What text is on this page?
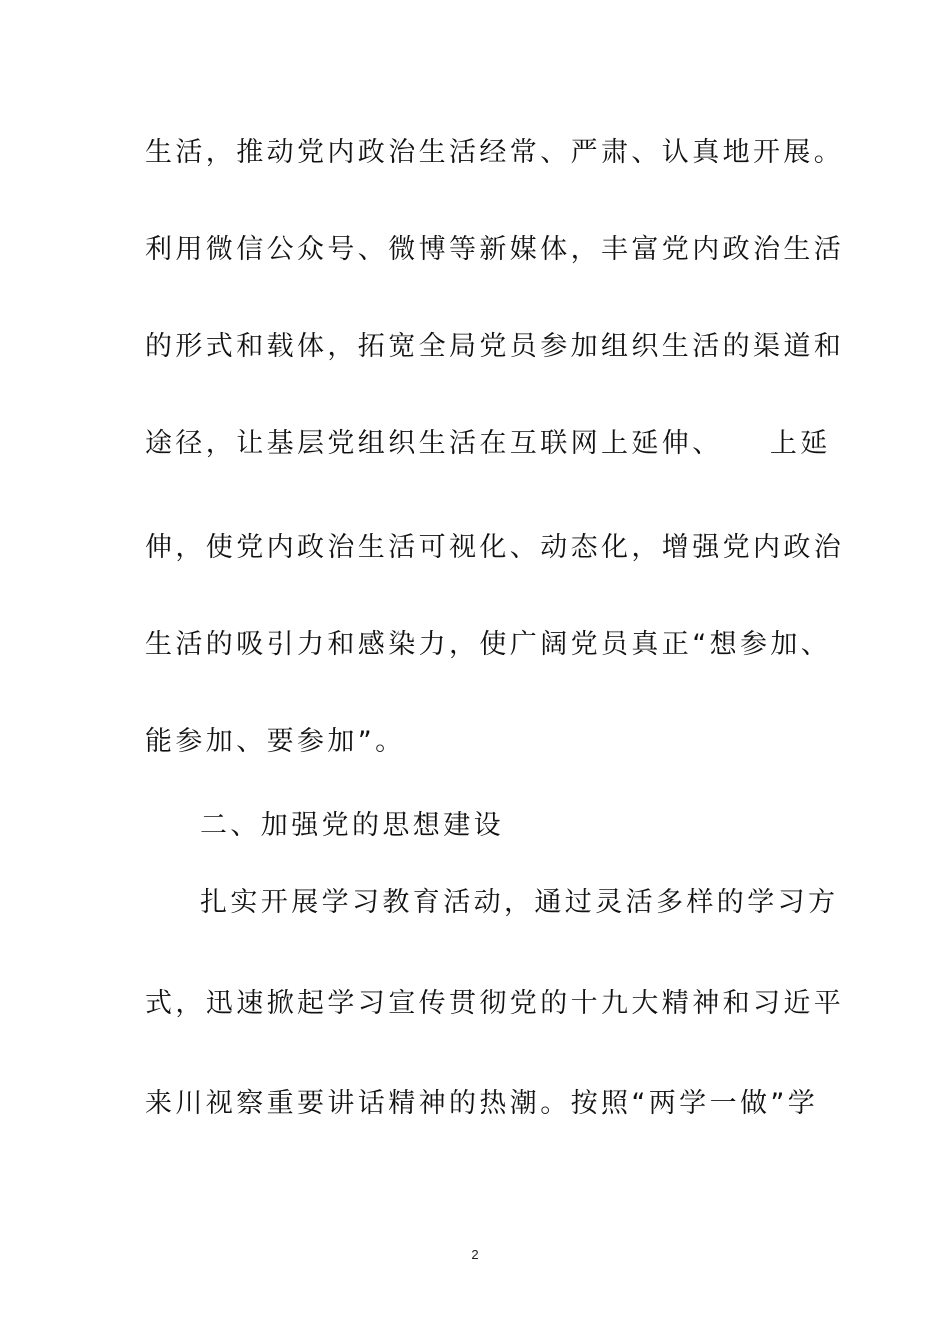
生活，推动党内政治生活经常、严肃、认真地开展。
利用微信公众号、微博等新媒体，丰富党内政治生活
的形式和载体，拓宽全局党员参加组织生活的渠道和
途径，让基层党组织生活在互联网上延伸、　　上延
伸，使党内政治生活可视化、动态化，增强党内政治
生活的吸引力和感染力，使广阔党员真正“想参加、
能参加、要参加”。
二、加强党的思想建设
扎实开展学习教育活动，通过灵活多样的学习方
式，迅速掀起学习宣传贯彻党的十九大精神和习近平
来川视察重要讲话精神的热潮。按照“两学一做”学
2
